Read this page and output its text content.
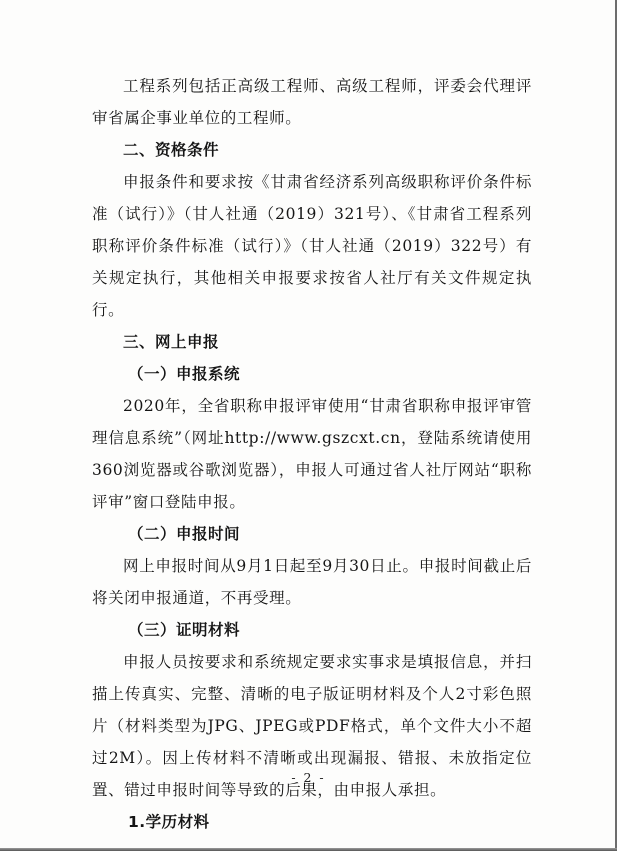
工程系列包括正高级工程师、高级工程师，评委会代理评审省属企事业单位的工程师。

二、资格条件

申报条件和要求按《甘肃省经济系列高级职称评价条件标准（试行）》（甘人社通（2019）321号）、《甘肃省工程系列职称评价条件标准（试行）》（甘人社通（2019）322号）有关规定执行，其他相关申报要求按省人社厅有关文件规定执行。

三、网上申报

（一）申报系统

2020年，全省职称申报评审使用“甘肃省职称申报评审管理信息系统”（网址http://www.gszcxt.cn，登陆系统请使用360浏览器或谷歌浏览器），申报人可通过省人社厅网站“职称评审”窗口登陆申报。

（二）申报时间

网上申报时间从9月1日起至9月30日止。申报时间截止后将关闭申报通道，不再受理。

（三）证明材料

申报人员按要求和系统规定要求实事求是填报信息，并扫描上传真实、完整、清晰的电子版证明材料及个人2寸彩色照片（材料类型为JPG、JPEG或PDF格式，单个文件大小不超过2M）。因上传材料不清晰或出现漏报、错报、未放指定位置、错过申报时间等导致的后果，由申报人承担。

1.学历材料

- 2 -
